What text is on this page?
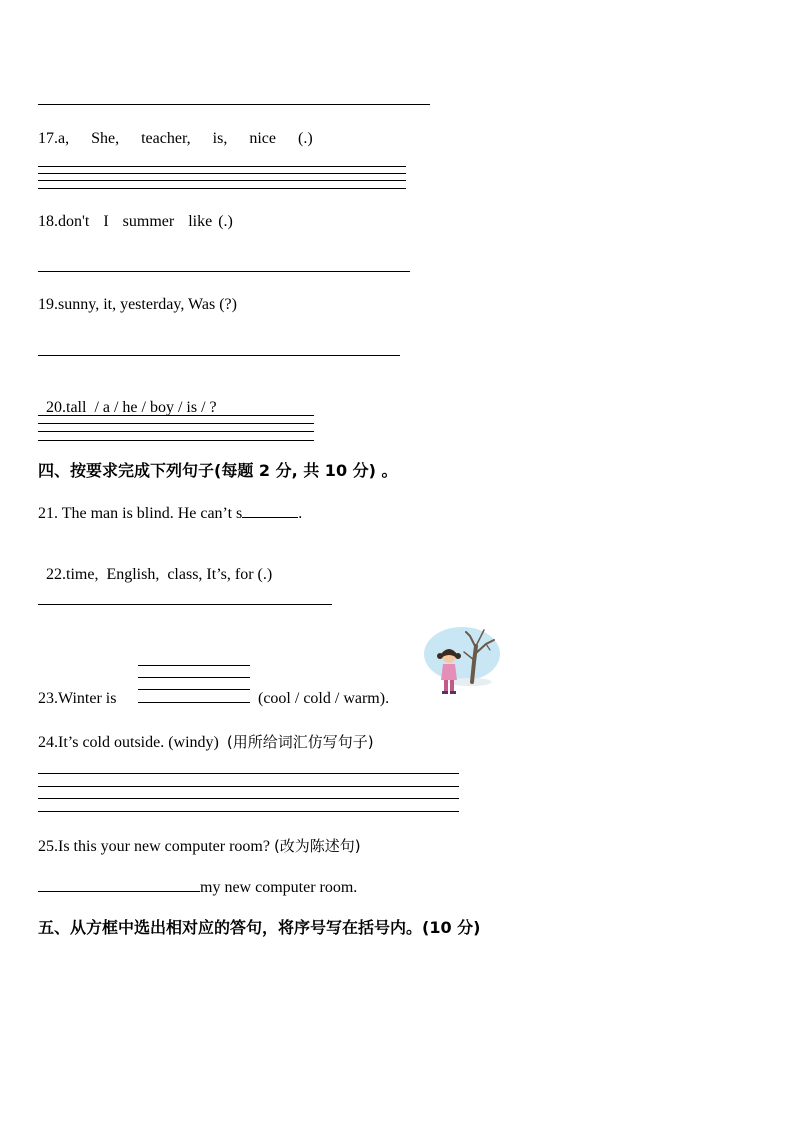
17.a, She, teacher, is, nice (.)
18.don't I summer like (.)
19.sunny, it, yesterday, Was (?)

20.tall  / a / he / boy / is / ?

四、按要求完成下列句子(每题 2 分, 共 10 分) 。
21. The man is blind. He can’t s	.

22.time,  English,  class, It’s, for (.)

23.Winter is	(cool / cold / warm).
24.It’s cold outside. (windy) (用所给词汇仿写句子)
25.Is this your new computer room? (改为陈述句)
my new computer room.
五、从方框中选出相对应的答句，将序号写在括号内。(10 分)
